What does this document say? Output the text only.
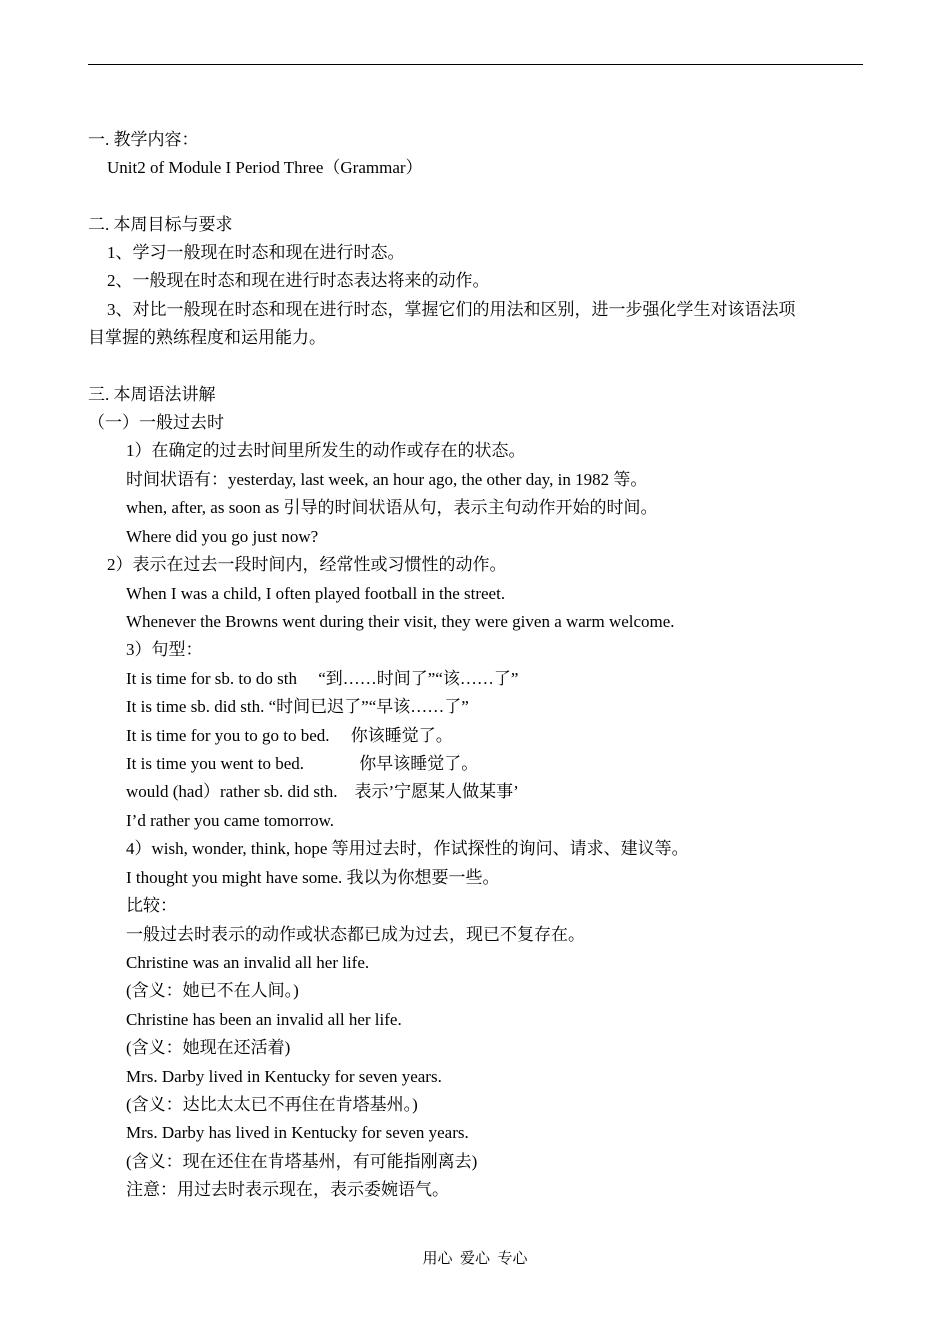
一. 教学内容：
Unit2 of Module I Period Three（Grammar）
二. 本周目标与要求
1、学习一般现在时态和现在进行时态。
2、一般现在时态和现在进行时态表达将来的动作。
3、对比一般现在时态和现在进行时态，掌握它们的用法和区别，进一步强化学生对该语法项
目掌握的熟练程度和运用能力。
三. 本周语法讲解
（一）一般过去时
1）在确定的过去时间里所发生的动作或存在的状态。
时间状语有：yesterday, last week, an hour ago, the other day, in 1982 等。
when, after, as soon as 引导的时间状语从句，表示主句动作开始的时间。
Where did you go just now?
2）表示在过去一段时间内，经常性或习惯性的动作。
When I was a child, I often played football in the street.
Whenever the Browns went during their visit, they were given a warm welcome.
3）句型：
It is time for sb. to do sth　 “到……时间了”“该……了”
It is time sb. did sth. “时间已迟了”“早该……了”
It is time for you to go to bed.　 你该睡觉了。
It is time you went to bed.　　　 你早该睡觉了。
would (had）rather sb. did sth.　表示’宁愿某人做某事’
I’d rather you came tomorrow.
4）wish, wonder, think, hope 等用过去时，作试探性的询问、请求、建议等。
I thought you might have some. 我以为你想要一些。
比较：
一般过去时表示的动作或状态都已成为过去，现已不复存在。
Christine was an invalid all her life.
(含义：她已不在人间。)
Christine has been an invalid all her life.
(含义：她现在还活着)
Mrs. Darby lived in Kentucky for seven years.
(含义：达比太太已不再住在肯塔基州。)
Mrs. Darby has lived in Kentucky for seven years.
(含义：现在还住在肯塔基州，有可能指刚离去)
注意：用过去时表示现在，表示委婉语气。
用心  爱心  专心
